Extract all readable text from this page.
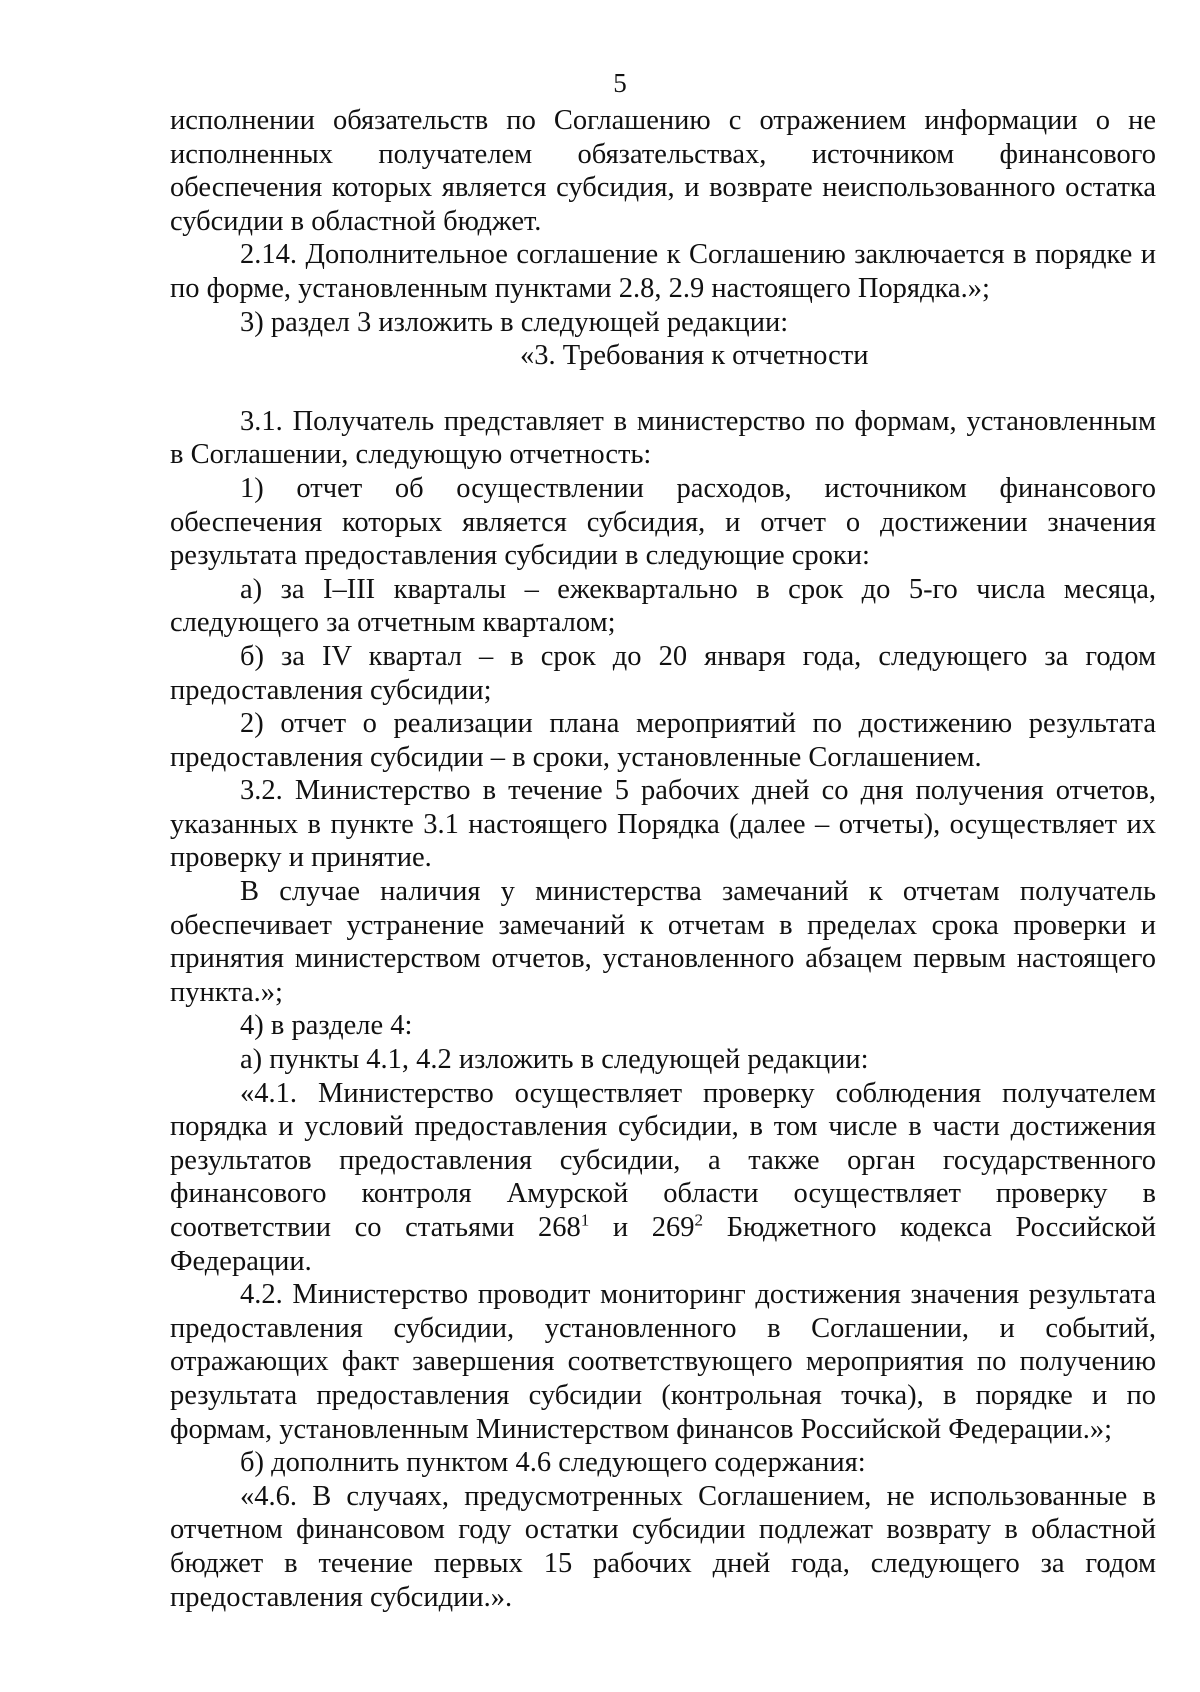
5

исполнении обязательств по Соглашению с отражением информации о не исполненных получателем обязательствах, источником финансового обеспечения которых является субсидия, и возврате неиспользованного остатка субсидии в областной бюджет.

2.14. Дополнительное соглашение к Соглашению заключается в порядке и по форме, установленным пунктами 2.8, 2.9 настоящего Порядка.»;

3) раздел 3 изложить в следующей редакции:

«3. Требования к отчетности

3.1. Получатель представляет в министерство по формам, установленным в Соглашении, следующую отчетность:

1) отчет об осуществлении расходов, источником финансового обеспечения которых является субсидия, и отчет о достижении значения результата предоставления субсидии в следующие сроки:

а) за I–III кварталы – ежеквартально в срок до 5-го числа месяца, следующего за отчетным кварталом;

б) за IV квартал – в срок до 20 января года, следующего за годом предоставления субсидии;

2) отчет о реализации плана мероприятий по достижению результата предоставления субсидии – в сроки, установленные Соглашением.

3.2. Министерство в течение 5 рабочих дней со дня получения отчетов, указанных в пункте 3.1 настоящего Порядка (далее – отчеты), осуществляет их проверку и принятие.

В случае наличия у министерства замечаний к отчетам получатель обеспечивает устранение замечаний к отчетам в пределах срока проверки и принятия министерством отчетов, установленного абзацем первым настоящего пункта.»;

4) в разделе 4:

а) пункты 4.1, 4.2 изложить в следующей редакции:

«4.1. Министерство осуществляет проверку соблюдения получателем порядка и условий предоставления субсидии, в том числе в части достижения результатов предоставления субсидии, а также орган государственного финансового контроля Амурской области осуществляет проверку в соответствии со статьями $268^1$ и $269^2$ Бюджетного кодекса Российской Федерации.

4.2. Министерство проводит мониторинг достижения значения результата предоставления субсидии, установленного в Соглашении, и событий, отражающих факт завершения соответствующего мероприятия по получению результата предоставления субсидии (контрольная точка), в порядке и по формам, установленным Министерством финансов Российской Федерации.»;

б) дополнить пунктом 4.6 следующего содержания:

«4.6. В случаях, предусмотренных Соглашением, не использованные в отчетном финансовом году остатки субсидии подлежат возврату в областной бюджет в течение первых 15 рабочих дней года, следующего за годом предоставления субсидии.».
